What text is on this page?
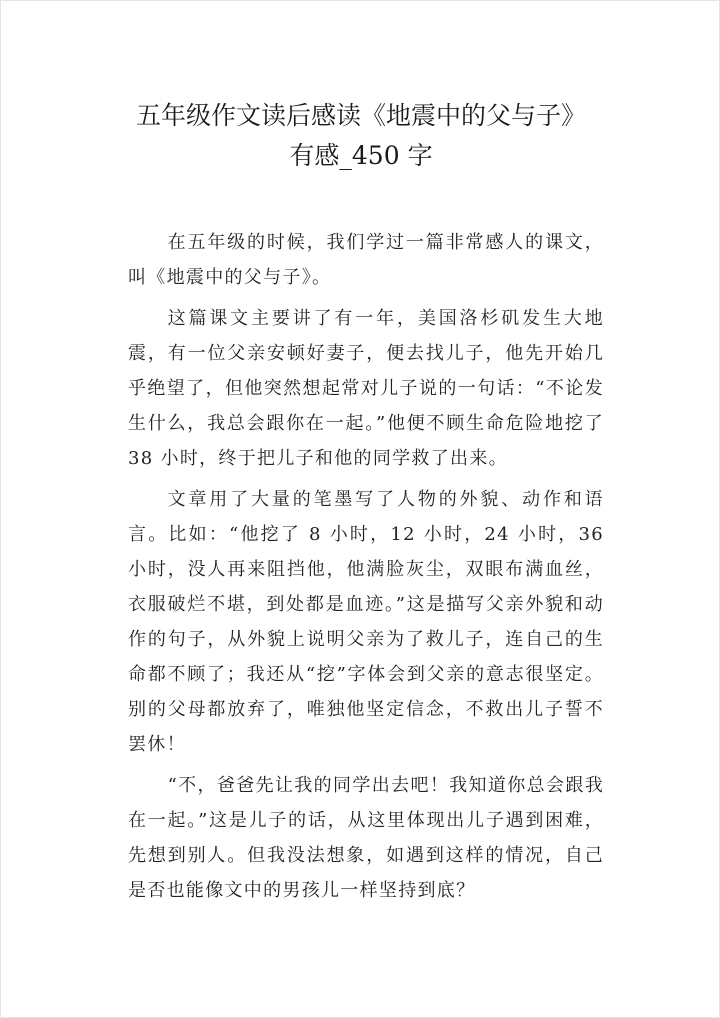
五年级作文读后感读《地震中的父与子》
有感_450 字

在五年级的时候，我们学过一篇非常感人的课文，叫《地震中的父与子》。

这篇课文主要讲了有一年，美国洛杉矶发生大地震，有一位父亲安顿好妻子，便去找儿子，他先开始几乎绝望了，但他突然想起常对儿子说的一句话：“不论发生什么，我总会跟你在一起。”他便不顾生命危险地挖了 38 小时，终于把儿子和他的同学救了出来。

文章用了大量的笔墨写了人物的外貌、动作和语言。比如：“他挖了 8 小时，12 小时，24 小时，36 小时，没人再来阻挡他，他满脸灰尘，双眼布满血丝，衣服破烂不堪，到处都是血迹。”这是描写父亲外貌和动作的句子，从外貌上说明父亲为了救儿子，连自己的生命都不顾了；我还从“挖”字体会到父亲的意志很坚定。别的父母都放弃了，唯独他坚定信念，不救出儿子誓不罢休！

“不，爸爸先让我的同学出去吧！我知道你总会跟我在一起。”这是儿子的话，从这里体现出儿子遇到困难，先想到别人。但我没法想象，如遇到这样的情况，自己是否也能像文中的男孩儿一样坚持到底？
